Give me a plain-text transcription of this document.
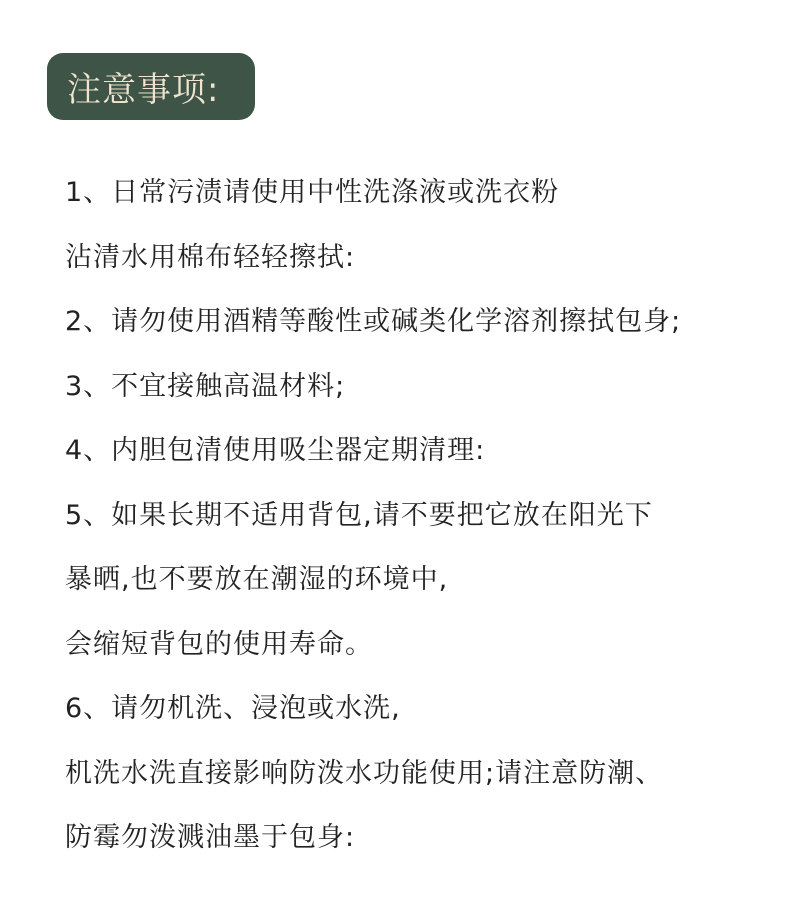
注意事项:

1、日常污渍请使用中性洗涤液或洗衣粉

沾清水用棉布轻轻擦拭:

2、请勿使用酒精等酸性或碱类化学溶剂擦拭包身;

3、不宜接触高温材料;

4、内胆包清使用吸尘器定期清理:

5、如果长期不适用背包,请不要把它放在阳光下

暴晒,也不要放在潮湿的环境中,

会缩短背包的使用寿命。

6、请勿机洗、浸泡或水洗,

机洗水洗直接影响防泼水功能使用;请注意防潮、

防霉勿泼溅油墨于包身:
